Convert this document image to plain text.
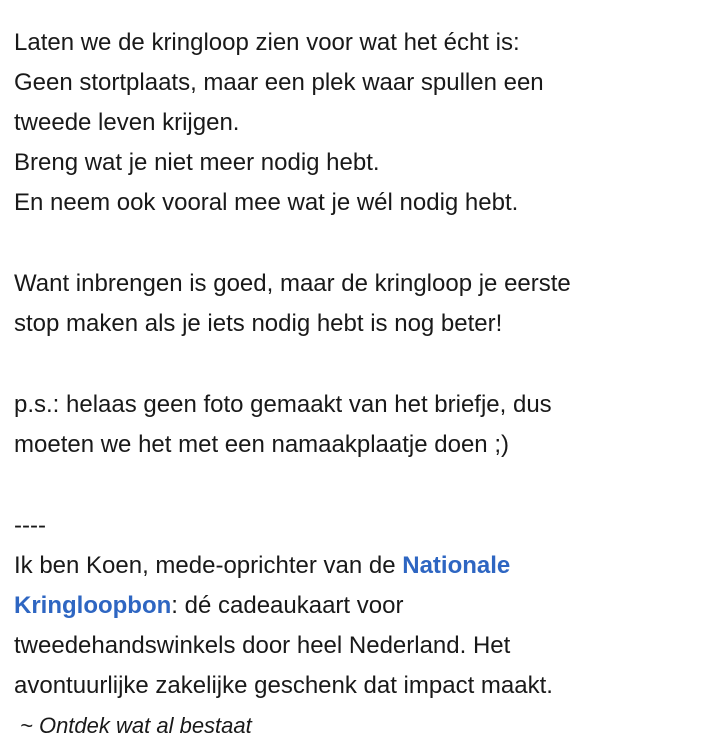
Laten we de kringloop zien voor wat het écht is:
Geen stortplaats, maar een plek waar spullen een
tweede leven krijgen.
Breng wat je niet meer nodig hebt.
En neem ook vooral mee wat je wél nodig hebt.
Want inbrengen is goed, maar de kringloop je eerste
stop maken als je iets nodig hebt is nog beter!
p.s.: helaas geen foto gemaakt van het briefje, dus
moeten we het met een namaakplaatje doen ;)
----
Ik ben Koen, mede-oprichter van de Nationale
Kringloopbon: dé cadeaukaart voor
tweedehandswinkels door heel Nederland. Het
avontuurlijke zakelijke geschenk dat impact maakt.
~ Ontdek wat al bestaat
